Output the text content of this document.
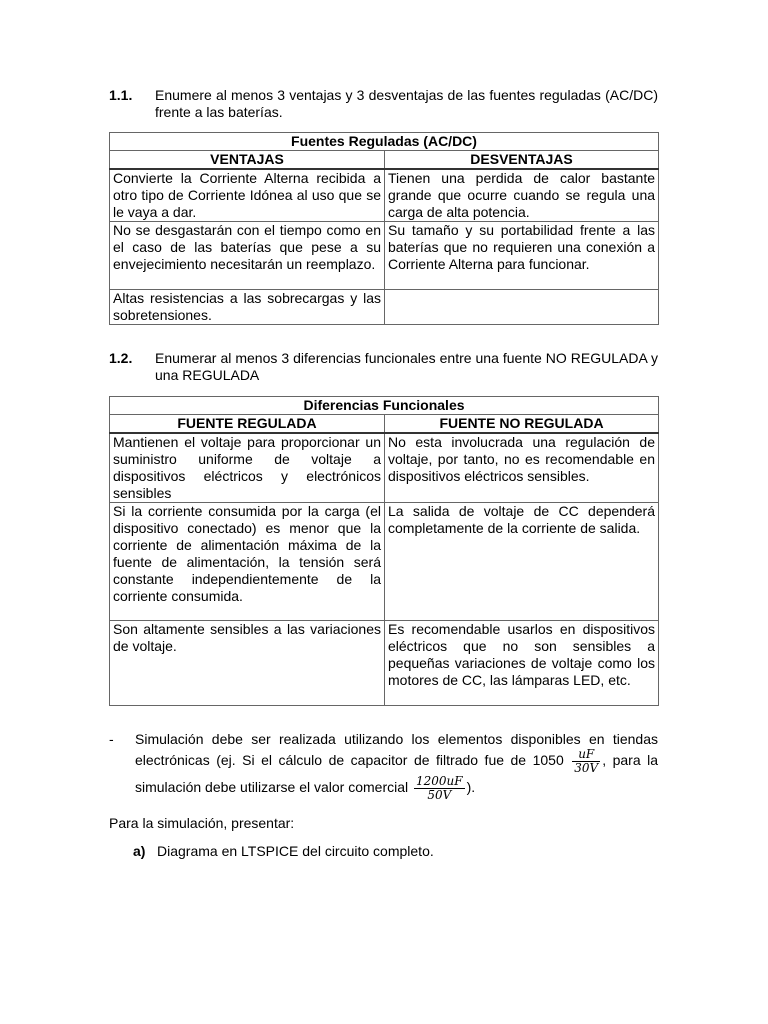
1.1. Enumere al menos 3 ventajas y 3 desventajas de las fuentes reguladas (AC/DC) frente a las baterías.
Fuentes Reguladas (AC/DC)	
VENTAJAS	DESVENTAJAS
Convierte la Corriente Alterna recibida a otro tipo de Corriente Idónea al uso que se le vaya a dar.	Tienen una perdida de calor bastante grande que ocurre cuando se regula una carga de alta potencia.
No se desgastarán con el tiempo como en el caso de las baterías que pese a su envejecimiento necesitarán un reemplazo.	Su tamaño y su portabilidad frente a las baterías que no requieren una conexión a Corriente Alterna para funcionar.
Altas resistencias a las sobrecargas y las sobretensiones.	
1.2. Enumerar al menos 3 diferencias funcionales entre una fuente NO REGULADA y una REGULADA
Diferencias Funcionales	
FUENTE REGULADA	FUENTE NO REGULADA
Mantienen el voltaje para proporcionar un suministro uniforme de voltaje a dispositivos eléctricos y electrónicos sensibles	No esta involucrada una regulación de voltaje, por tanto, no es recomendable en dispositivos eléctricos sensibles.
Si la corriente consumida por la carga (el dispositivo conectado) es menor que la corriente de alimentación máxima de la fuente de alimentación, la tensión será constante independientemente de la corriente consumida.	La salida de voltaje de CC dependerá completamente de la corriente de salida.
Son altamente sensibles a las variaciones de voltaje.	Es recomendable usarlos en dispositivos eléctricos que no son sensibles a pequeñas variaciones de voltaje como los motores de CC, las lámparas LED, etc.
- Simulación debe ser realizada utilizando los elementos disponibles en tiendas electrónicas (ej. Si el cálculo de capacitor de filtrado fue de $1050 \frac{uF}{30V}$ , para la simulación debe utilizarse el valor comercial $\frac{1200uF}{50V}$ ).
Para la simulación, presentar:
a) Diagrama en LTSPICE del circuito completo.
